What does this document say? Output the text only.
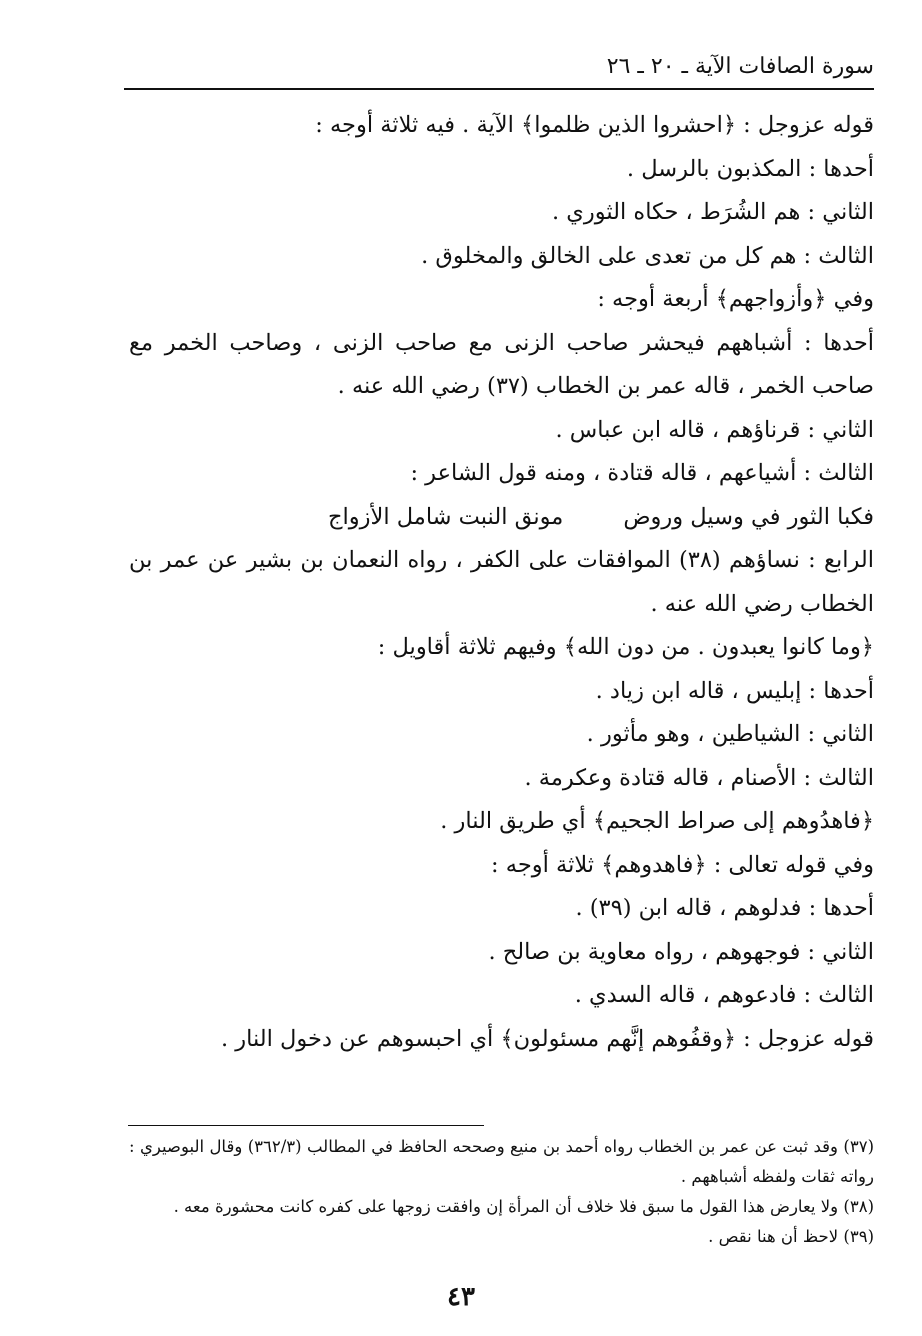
سورة الصافات الآية ـ ٢٠ ـ ٢٦
قوله عزوجل : ﴿احشروا الذين ظلموا﴾ الآية . فيه ثلاثة أوجه :
أحدها : المكذبون بالرسل .
الثاني : هم الشُرَط ، حكاه الثوري .
الثالث : هم كل من تعدى على الخالق والمخلوق .
وفي ﴿وأزواجهم﴾ أربعة أوجه :
أحدها : أشباههم فيحشر صاحب الزنى مع صاحب الزنى ، وصاحب الخمر مع صاحب الخمر ، قاله عمر بن الخطاب (٣٧) رضي الله عنه .
الثاني : قرناؤهم ، قاله ابن عباس .
الثالث : أشياعهم ، قاله قتادة ، ومنه قول الشاعر :
فكبا الثور في وسيل وروض
مونق النبت شامل الأزواج
الرابع : نساؤهم (٣٨) الموافقات على الكفر ، رواه النعمان بن بشير عن عمر بن الخطاب رضي الله عنه .
﴿وما كانوا يعبدون . من دون الله﴾ وفيهم ثلاثة أقاويل :
أحدها : إبليس ، قاله ابن زياد .
الثاني : الشياطين ، وهو مأثور .
الثالث : الأصنام ، قاله قتادة وعكرمة .
﴿فاهدُوهم إلى صراط الجحيم﴾ أي طريق النار .
وفي قوله تعالى : ﴿فاهدوهم﴾ ثلاثة أوجه :
أحدها : فدلوهم ، قاله ابن (٣٩) .
الثاني : فوجهوهم ، رواه معاوية بن صالح .
الثالث : فادعوهم ، قاله السدي .
قوله عزوجل : ﴿وقفُوهم إنَّهم مسئولون﴾ أي احبسوهم عن دخول النار .

(٣٧) وقد ثبت عن عمر بن الخطاب رواه أحمد بن منيع وصححه الحافظ في المطالب (٣٦٢/٣) وقال البوصيري : رواته ثقات ولفظه أشباههم .

(٣٨) ولا يعارض هذا القول ما سبق فلا خلاف أن المرأة إن وافقت زوجها على كفره كانت محشورة معه .

(٣٩) لاحظ أن هنا نقص .

٤٣
